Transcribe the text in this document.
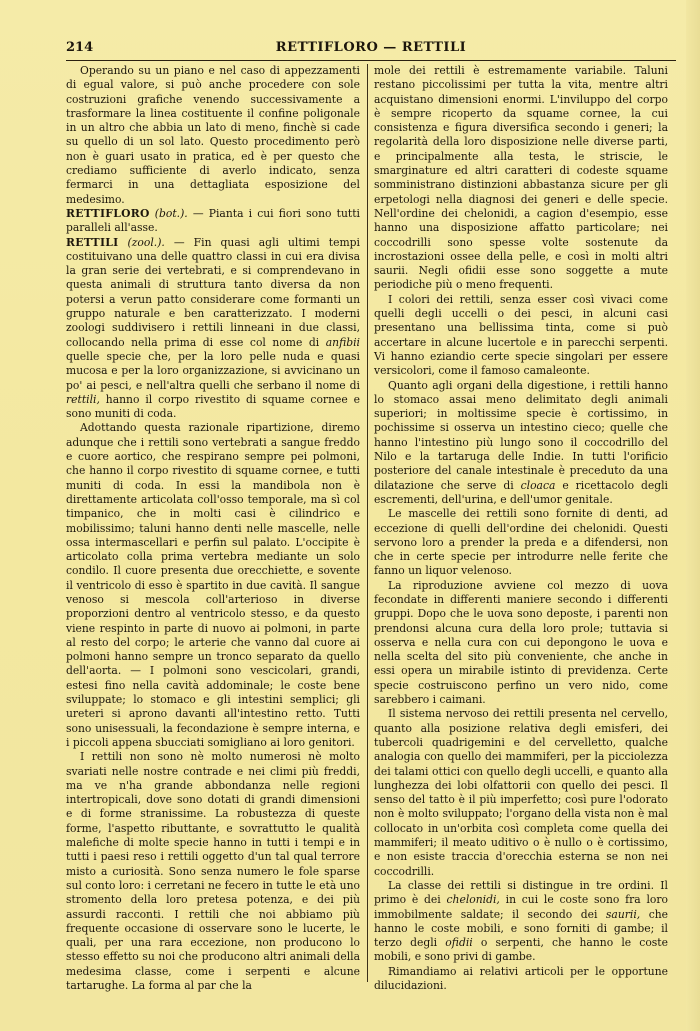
214	RETTIFLORO — RETTILI

Operando su un piano e nel caso di appezzamenti di egual valore, si può anche procedere con sole costruzioni grafiche venendo successivamente a trasformare la linea costituente il confine poligonale in un altro che abbia un lato di meno, finchè si cade su quello di un sol lato. Questo procedimento però non è guari usato in pratica, ed è per questo che crediamo sufficiente di averlo indicato, senza fermarci in una dettagliata esposizione del medesimo.

RETTIFLORO (bot.). — Pianta i cui fiori sono tutti paralleli all'asse.

RETTILI (zool.). — Fin quasi agli ultimi tempi costituivano una delle quattro classi in cui era divisa la gran serie dei vertebrati, e si comprendevano in questa animali di struttura tanto diversa da non potersi a verun patto considerare come formanti un gruppo naturale e ben caratterizzato. I moderni zoologi suddivisero i rettili linneani in due classi, collocando nella prima di esse col nome di anfibii quelle specie che, per la loro pelle nuda e quasi mucosa e per la loro organizzazione, si avvicinano un po' ai pesci, e nell'altra quelli che serbano il nome di rettili, hanno il corpo rivestito di squame cornee e sono muniti di coda.

Adottando questa razionale ripartizione, diremo adunque che i rettili sono vertebrati a sangue freddo e cuore aortico, che respirano sempre pei polmoni, che hanno il corpo rivestito di squame cornee, e tutti muniti di coda. In essi la mandibola non è direttamente articolata coll'osso temporale, ma sì col timpanico, che in molti casi è cilindrico e mobilissimo; taluni hanno denti nelle mascelle, nelle ossa intermascellari e perfin sul palato. L'occipite è articolato colla prima vertebra mediante un solo condilo. Il cuore presenta due orecchiette, e sovente il ventricolo di esso è spartito in due cavità. Il sangue venoso si mescola coll'arterioso in diverse proporzioni dentro al ventricolo stesso, e da questo viene respinto in parte di nuovo ai polmoni, in parte al resto del corpo; le arterie che vanno dal cuore ai polmoni hanno sempre un tronco separato da quello dell'aorta. — I polmoni sono vescicolari, grandi, estesi fino nella cavità addominale; le coste bene sviluppate; lo stomaco e gli intestini semplici; gli ureteri si aprono davanti all'intestino retto. Tutti sono unisessuali, la fecondazione è sempre interna, e i piccoli appena sbucciati somigliano ai loro genitori.

I rettili non sono nè molto numerosi nè molto svariati nelle nostre contrade e nei climi più freddi, ma ve n'ha grande abbondanza nelle regioni intertropicali, dove sono dotati di grandi dimensioni e di forme stranissime. La robustezza di queste forme, l'aspetto ributtante, e sovrattutto le qualità malefiche di molte specie hanno in tutti i tempi e in tutti i paesi reso i rettili oggetto d'un tal qual terrore misto a curiosità. Sono senza numero le fole sparse sul conto loro: i cerretani ne fecero in tutte le età uno stromento della loro pretesa potenza, e dei più assurdi racconti. I rettili che noi abbiamo più frequente occasione di osservare sono le lucerte, le quali, per una rara eccezione, non producono lo stesso effetto su noi che producono altri animali della medesima classe, come i serpenti e alcune tartarughe. La forma al par che la

mole dei rettili è estremamente variabile. Taluni restano piccolissimi per tutta la vita, mentre altri acquistano dimensioni enormi. L'inviluppo del corpo è sempre ricoperto da squame cornee, la cui consistenza e figura diversifica secondo i generi; la regolarità della loro disposizione nelle diverse parti, e principalmente alla testa, le striscie, le smarginature ed altri caratteri di codeste squame somministrano distinzioni abbastanza sicure per gli erpetologi nella diagnosi dei generi e delle specie. Nell'ordine dei chelonidi, a cagion d'esempio, esse hanno una disposizione affatto particolare; nei coccodrilli sono spesse volte sostenute da incrostazioni ossee della pelle, e così in molti altri saurii. Negli ofidii esse sono soggette a mute periodiche più o meno frequenti.

I colori dei rettili, senza esser così vivaci come quelli degli uccelli o dei pesci, in alcuni casi presentano una bellissima tinta, come si può accertare in alcune lucertole e in parecchi serpenti. Vi hanno eziandio certe specie singolari per essere versicolori, come il famoso camaleonte.

Quanto agli organi della digestione, i rettili hanno lo stomaco assai meno delimitato degli animali superiori; in moltissime specie è cortissimo, in pochissime si osserva un intestino cieco; quelle che hanno l'intestino più lungo sono il coccodrillo del Nilo e la tartaruga delle Indie. In tutti l'orificio posteriore del canale intestinale è preceduto da una dilatazione che serve di cloaca e ricettacolo degli escrementi, dell'urina, e dell'umor genitale.

Le mascelle dei rettili sono fornite di denti, ad eccezione di quelli dell'ordine dei chelonidi. Questi servono loro a prender la preda e a difendersi, non che in certe specie per introdurre nelle ferite che fanno un liquor velenoso.

La riproduzione avviene col mezzo di uova fecondate in differenti maniere secondo i differenti gruppi. Dopo che le uova sono deposte, i parenti non prendonsi alcuna cura della loro prole; tuttavia si osserva e nella cura con cui depongono le uova e nella scelta del sito più conveniente, che anche in essi opera un mirabile istinto di previdenza. Certe specie costruiscono perfino un vero nido, come sarebbero i caimani.

Il sistema nervoso dei rettili presenta nel cervello, quanto alla posizione relativa degli emisferi, dei tubercoli quadrigemini e del cervelletto, qualche analogia con quello dei mammiferi, per la picciolezza dei talami ottici con quello degli uccelli, e quanto alla lunghezza dei lobi olfattorii con quello dei pesci. Il senso del tatto è il più imperfetto; così pure l'odorato non è molto sviluppato; l'organo della vista non è mal collocato in un'orbita così completa come quella dei mammiferi; il meato uditivo o è nullo o è cortissimo, e non esiste traccia d'orecchia esterna se non nei coccodrilli.

La classe dei rettili si distingue in tre ordini. Il primo è dei chelonidi, in cui le coste sono fra loro immobilmente saldate; il secondo dei saurii, che hanno le coste mobili, e sono forniti di gambe; il terzo degli ofidii o serpenti, che hanno le coste mobili, e sono privi di gambe.

Rimandiamo ai relativi articoli per le opportune dilucidazioni.
